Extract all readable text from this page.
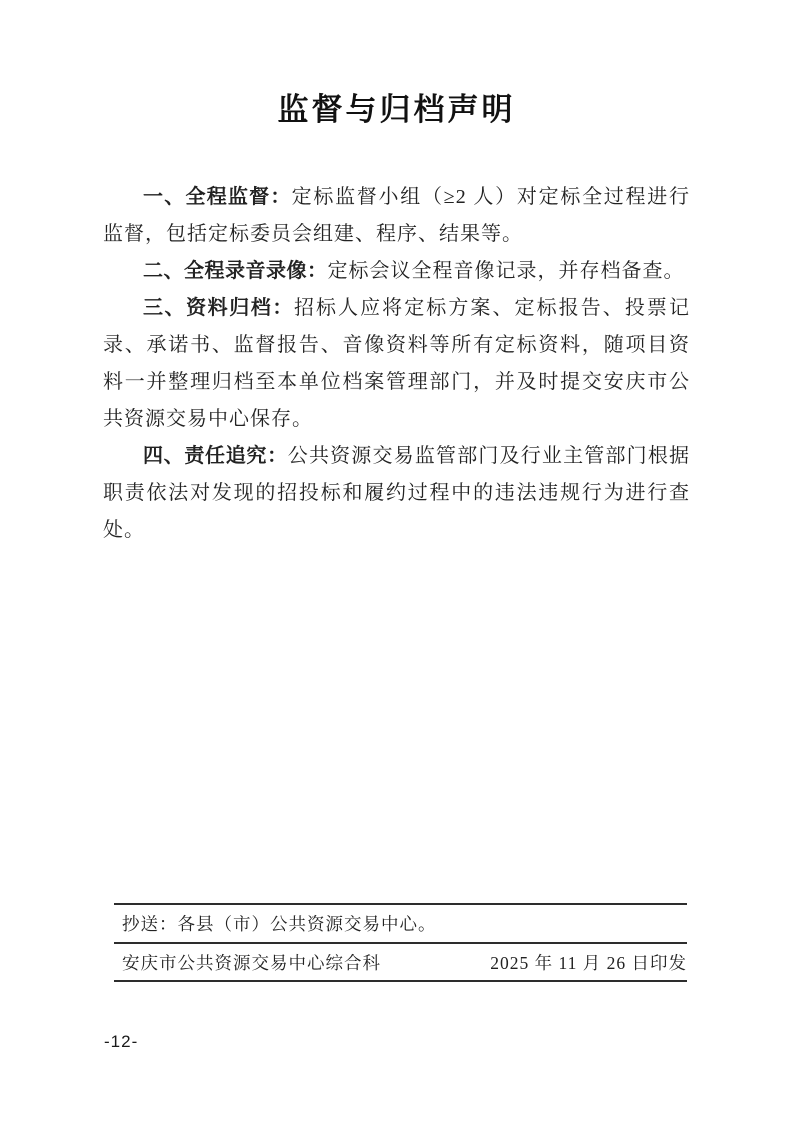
监督与归档声明

一、全程监督：定标监督小组（≥2 人）对定标全过程进行监督，包括定标委员会组建、程序、结果等。

二、全程录音录像：定标会议全程音像记录，并存档备查。

三、资料归档：招标人应将定标方案、定标报告、投票记录、承诺书、监督报告、音像资料等所有定标资料，随项目资料一并整理归档至本单位档案管理部门，并及时提交安庆市公共资源交易中心保存。

四、责任追究：公共资源交易监管部门及行业主管部门根据职责依法对发现的招投标和履约过程中的违法违规行为进行查处。

抄送：各县（市）公共资源交易中心。
安庆市公共资源交易中心综合科	2025 年 11 月 26 日印发
-12-
